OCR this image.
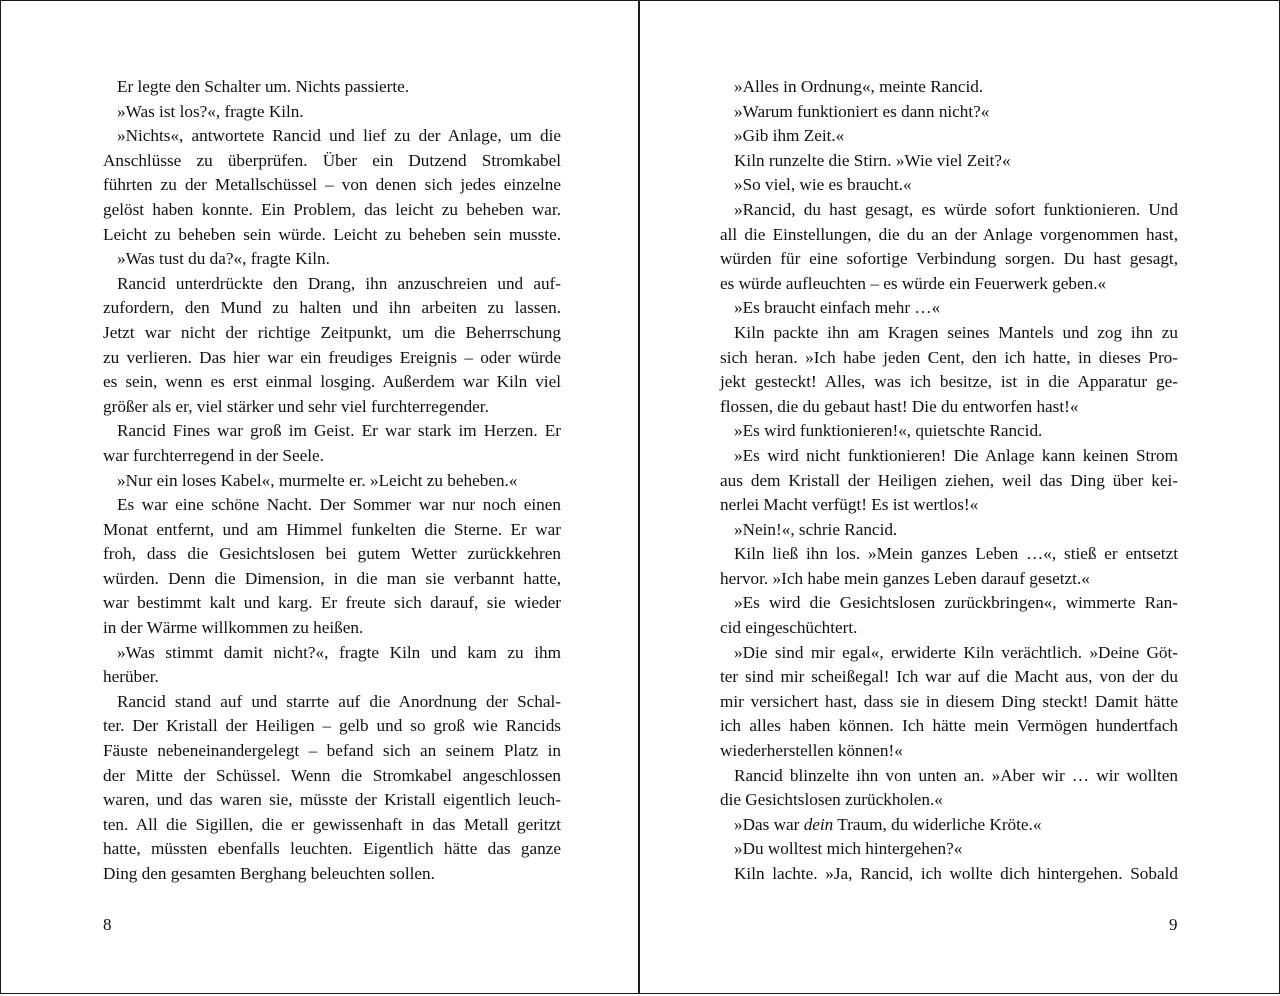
Er legte den Schalter um. Nichts passierte.
»Was ist los?«, fragte Kiln.
»Nichts«, antwortete Rancid und lief zu der Anlage, um die
Anschlüsse zu überprüfen. Über ein Dutzend Stromkabel
führten zu der Metallschüssel – von denen sich jedes einzelne
gelöst haben konnte. Ein Problem, das leicht zu beheben war.
Leicht zu beheben sein würde. Leicht zu beheben sein musste.
»Was tust du da?«, fragte Kiln.
Rancid unterdrückte den Drang, ihn anzuschreien und auf-
zufordern, den Mund zu halten und ihn arbeiten zu lassen.
Jetzt war nicht der richtige Zeitpunkt, um die Beherrschung
zu verlieren. Das hier war ein freudiges Ereignis – oder würde
es sein, wenn es erst einmal losging. Außerdem war Kiln viel
größer als er, viel stärker und sehr viel furchterregender.
Rancid Fines war groß im Geist. Er war stark im Herzen. Er
war furchterregend in der Seele.
»Nur ein loses Kabel«, murmelte er. »Leicht zu beheben.«
Es war eine schöne Nacht. Der Sommer war nur noch einen
Monat entfernt, und am Himmel funkelten die Sterne. Er war
froh, dass die Gesichtslosen bei gutem Wetter zurückkehren
würden. Denn die Dimension, in die man sie verbannt hatte,
war bestimmt kalt und karg. Er freute sich darauf, sie wieder
in der Wärme willkommen zu heißen.
»Was stimmt damit nicht?«, fragte Kiln und kam zu ihm
herüber.
Rancid stand auf und starrte auf die Anordnung der Schal-
ter. Der Kristall der Heiligen – gelb und so groß wie Rancids
Fäuste nebeneinandergelegt – befand sich an seinem Platz in
der Mitte der Schüssel. Wenn die Stromkabel angeschlossen
waren, und das waren sie, müsste der Kristall eigentlich leuch-
ten. All die Sigillen, die er gewissenhaft in das Metall geritzt
hatte, müssten ebenfalls leuchten. Eigentlich hätte das ganze
Ding den gesamten Berghang beleuchten sollen.
8
»Alles in Ordnung«, meinte Rancid.
»Warum funktioniert es dann nicht?«
»Gib ihm Zeit.«
Kiln runzelte die Stirn. »Wie viel Zeit?«
»So viel, wie es braucht.«
»Rancid, du hast gesagt, es würde sofort funktionieren. Und
all die Einstellungen, die du an der Anlage vorgenommen hast,
würden für eine sofortige Verbindung sorgen. Du hast gesagt,
es würde aufleuchten – es würde ein Feuerwerk geben.«
»Es braucht einfach mehr …«
Kiln packte ihn am Kragen seines Mantels und zog ihn zu
sich heran. »Ich habe jeden Cent, den ich hatte, in dieses Pro-
jekt gesteckt! Alles, was ich besitze, ist in die Apparatur ge-
flossen, die du gebaut hast! Die du entworfen hast!«
»Es wird funktionieren!«, quietschte Rancid.
»Es wird nicht funktionieren! Die Anlage kann keinen Strom
aus dem Kristall der Heiligen ziehen, weil das Ding über kei-
nerlei Macht verfügt! Es ist wertlos!«
»Nein!«, schrie Rancid.
Kiln ließ ihn los. »Mein ganzes Leben …«, stieß er entsetzt
hervor. »Ich habe mein ganzes Leben darauf gesetzt.«
»Es wird die Gesichtslosen zurückbringen«, wimmerte Ran-
cid eingeschüchtert.
»Die sind mir egal«, erwiderte Kiln verächtlich. »Deine Göt-
ter sind mir scheißegal! Ich war auf die Macht aus, von der du
mir versichert hast, dass sie in diesem Ding steckt! Damit hätte
ich alles haben können. Ich hätte mein Vermögen hundertfach
wiederherstellen können!«
Rancid blinzelte ihn von unten an. »Aber wir … wir wollten
die Gesichtslosen zurückholen.«
»Das war dein Traum, du widerliche Kröte.«
»Du wolltest mich hintergehen?«
Kiln lachte. »Ja, Rancid, ich wollte dich hintergehen. Sobald
9
